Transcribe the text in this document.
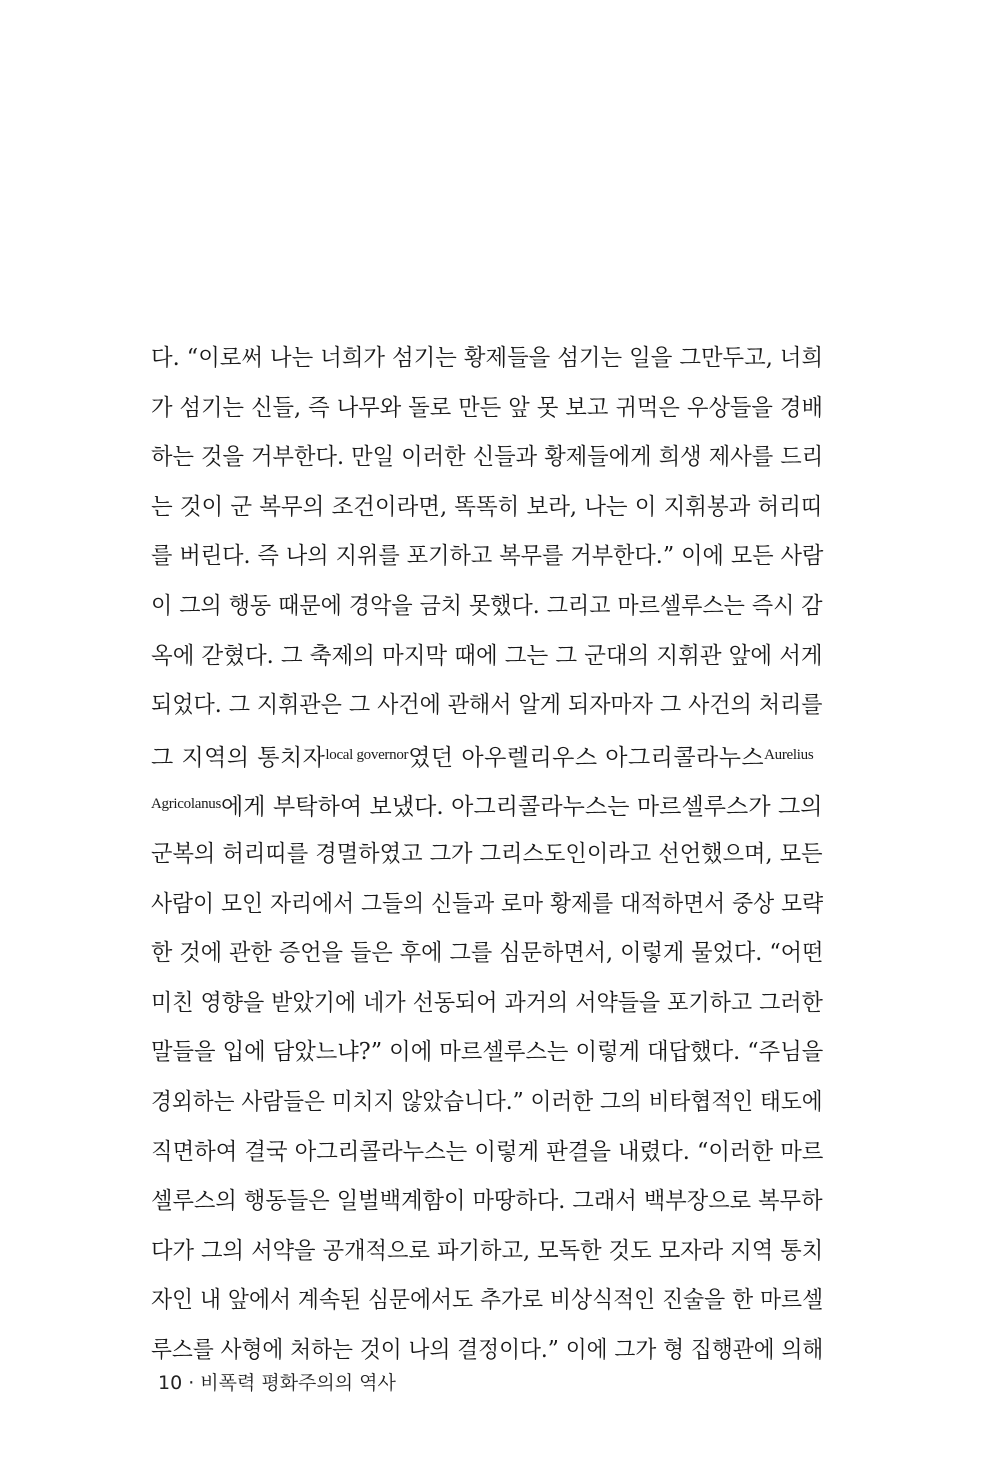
다. “이로써 나는 너희가 섬기는 황제들을 섬기는 일을 그만두고, 너희
가 섬기는 신들, 즉 나무와 돌로 만든 앞 못 보고 귀먹은 우상들을 경배
하는 것을 거부한다. 만일 이러한 신들과 황제들에게 희생 제사를 드리
는 것이 군 복무의 조건이라면, 똑똑히 보라, 나는 이 지휘봉과 허리띠
를 버린다. 즉 나의 지위를 포기하고 복무를 거부한다.” 이에 모든 사람
이 그의 행동 때문에 경악을 금치 못했다. 그리고 마르셀루스는 즉시 감
옥에 갇혔다. 그 축제의 마지막 때에 그는 그 군대의 지휘관 앞에 서게
되었다. 그 지휘관은 그 사건에 관해서 알게 되자마자 그 사건의 처리를
그 지역의 통치자$^{local governor}$였던 아우렐리우스 아그리콜라누스$^{Aurelius}$
$^{Agricolanus}$에게 부탁하여 보냈다. 아그리콜라누스는 마르셀루스가 그의
군복의 허리띠를 경멸하였고 그가 그리스도인이라고 선언했으며, 모든
사람이 모인 자리에서 그들의 신들과 로마 황제를 대적하면서 중상 모략
한 것에 관한 증언을 들은 후에 그를 심문하면서, 이렇게 물었다. “어떤
미친 영향을 받았기에 네가 선동되어 과거의 서약들을 포기하고 그러한
말들을 입에 담았느냐?” 이에 마르셀루스는 이렇게 대답했다. “주님을
경외하는 사람들은 미치지 않았습니다.” 이러한 그의 비타협적인 태도에
직면하여 결국 아그리콜라누스는 이렇게 판결을 내렸다. “이러한 마르
셀루스의 행동들은 일벌백계함이 마땅하다. 그래서 백부장으로 복무하
다가 그의 서약을 공개적으로 파기하고, 모독한 것도 모자라 지역 통치
자인 내 앞에서 계속된 심문에서도 추가로 비상식적인 진술을 한 마르셀
루스를 사형에 처하는 것이 나의 결정이다.” 이에 그가 형 집행관에 의해
10 · 비폭력 평화주의의 역사
